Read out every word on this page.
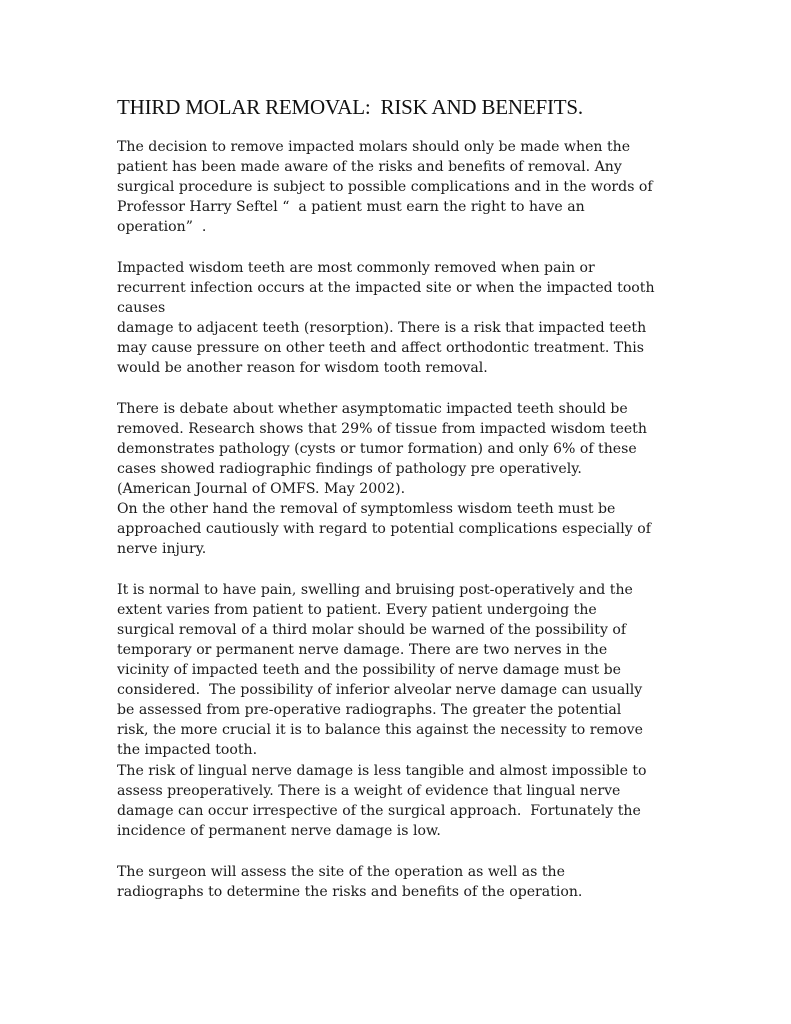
THIRD MOLAR REMOVAL:  RISK AND BENEFITS.

The decision to remove impacted molars should only be made when the

patient has been made aware of the risks and benefits of removal. Any

surgical procedure is subject to possible complications and in the words of

Professor Harry Seftel “  a patient must earn the right to have an

operation”  .

Impacted wisdom teeth are most commonly removed when pain or

recurrent infection occurs at the impacted site or when the impacted tooth

causes

damage to adjacent teeth (resorption). There is a risk that impacted teeth

may cause pressure on other teeth and affect orthodontic treatment. This

would be another reason for wisdom tooth removal.

There is debate about whether asymptomatic impacted teeth should be

removed. Research shows that 29% of tissue from impacted wisdom teeth

demonstrates pathology (cysts or tumor formation) and only 6% of these

cases showed radiographic findings of pathology pre operatively.

(American Journal of OMFS. May 2002).

On the other hand the removal of symptomless wisdom teeth must be

approached cautiously with regard to potential complications especially of

nerve injury.

It is normal to have pain, swelling and bruising post-operatively and the

extent varies from patient to patient. Every patient undergoing the

surgical removal of a third molar should be warned of the possibility of

temporary or permanent nerve damage. There are two nerves in the

vicinity of impacted teeth and the possibility of nerve damage must be

considered.  The possibility of inferior alveolar nerve damage can usually

be assessed from pre-operative radiographs. The greater the potential

risk, the more crucial it is to balance this against the necessity to remove

the impacted tooth.

The risk of lingual nerve damage is less tangible and almost impossible to

assess preoperatively. There is a weight of evidence that lingual nerve

damage can occur irrespective of the surgical approach.  Fortunately the

incidence of permanent nerve damage is low.

The surgeon will assess the site of the operation as well as the

radiographs to determine the risks and benefits of the operation.
